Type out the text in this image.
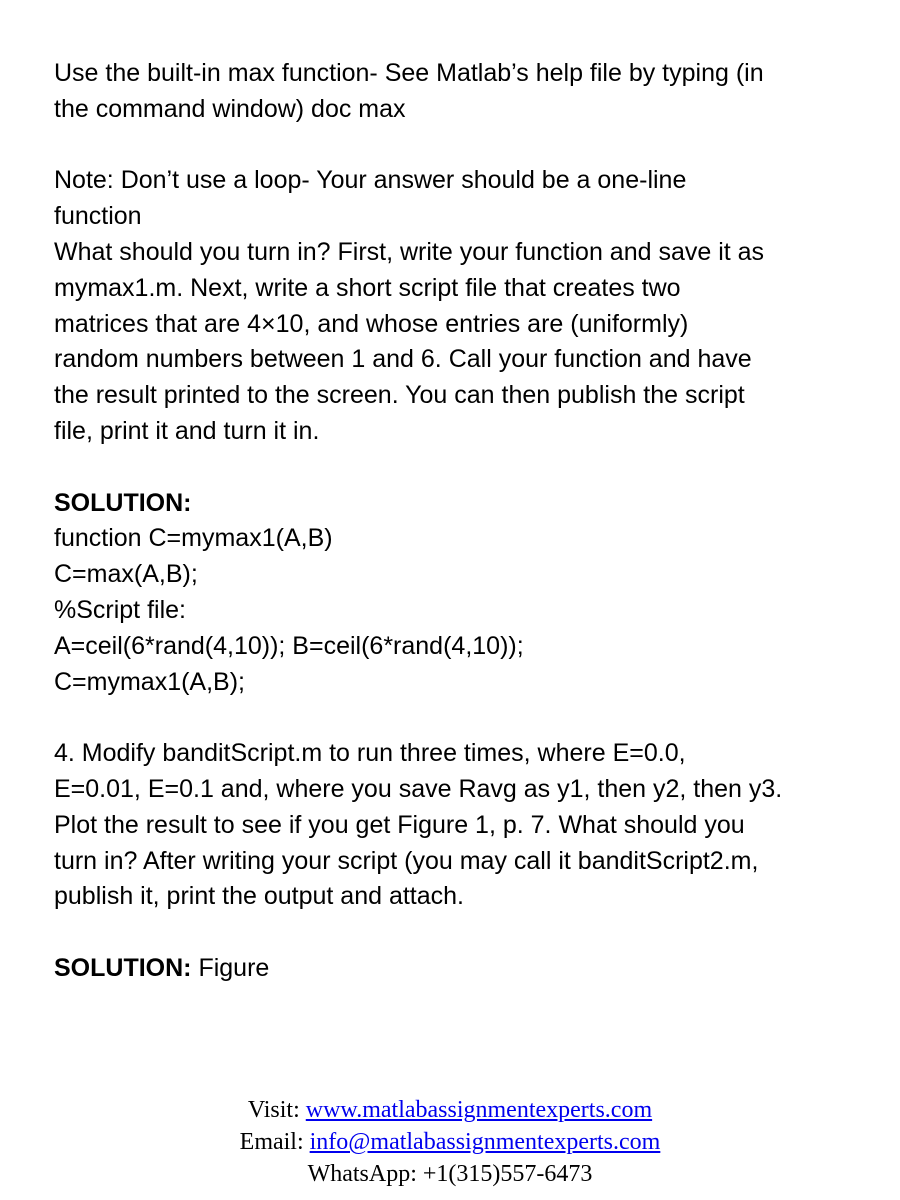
Use the built-in max function- See Matlab’s help file by typing (in

the command window) doc max

Note: Don’t use a loop- Your answer should be a one-line

function

What should you turn in? First, write your function and save it as

mymax1.m. Next, write a short script file that creates two

matrices that are 4×10, and whose entries are (uniformly)

random numbers between 1 and 6. Call your function and have

the result printed to the screen. You can then publish the script

file, print it and turn it in.

SOLUTION:

function C=mymax1(A,B)

C=max(A,B);

%Script file:

A=ceil(6*rand(4,10)); B=ceil(6*rand(4,10));

C=mymax1(A,B);

4. Modify banditScript.m to run three times, where E=0.0,

E=0.01, E=0.1 and, where you save Ravg as y1, then y2, then y3.

Plot the result to see if you get Figure 1, p. 7. What should you

turn in? After writing your script (you may call it banditScript2.m,

publish it, print the output and attach.

SOLUTION: Figure

Visit: www.matlabassignmentexperts.com
Email: info@matlabassignmentexperts.com
WhatsApp: +1(315)557-6473
